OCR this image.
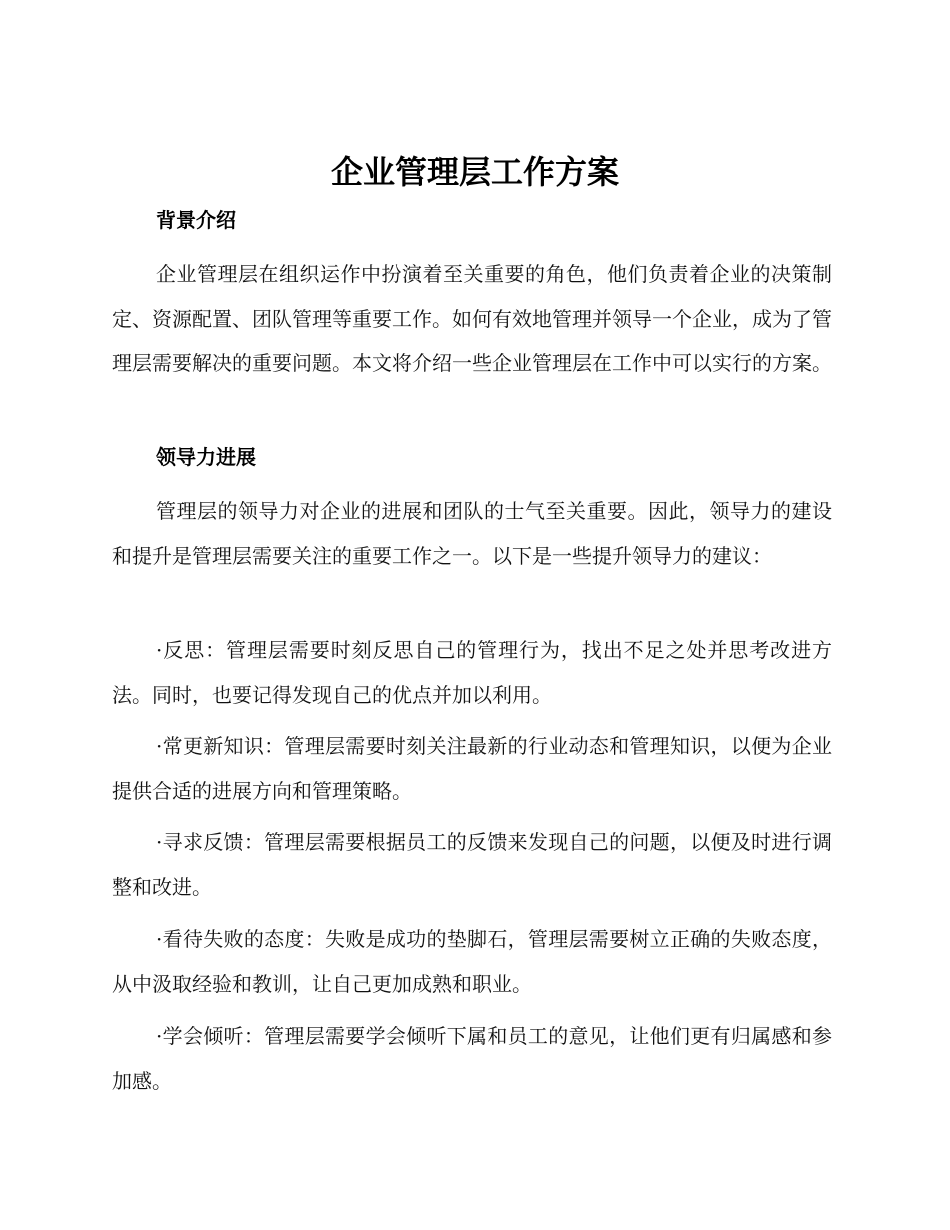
企业管理层工作方案
背景介绍
企业管理层在组织运作中扮演着至关重要的角色，他们负责着企业的决策制定、资源配置、团队管理等重要工作。如何有效地管理并领导一个企业，成为了管理层需要解决的重要问题。本文将介绍一些企业管理层在工作中可以实行的方案。
领导力进展
管理层的领导力对企业的进展和团队的士气至关重要。因此，领导力的建设和提升是管理层需要关注的重要工作之一。以下是一些提升领导力的建议：
·反思：管理层需要时刻反思自己的管理行为，找出不足之处并思考改进方法。同时，也要记得发现自己的优点并加以利用。
·常更新知识：管理层需要时刻关注最新的行业动态和管理知识，以便为企业提供合适的进展方向和管理策略。
·寻求反馈：管理层需要根据员工的反馈来发现自己的问题，以便及时进行调整和改进。
·看待失败的态度：失败是成功的垫脚石，管理层需要树立正确的失败态度，从中汲取经验和教训，让自己更加成熟和职业。
·学会倾听：管理层需要学会倾听下属和员工的意见，让他们更有归属感和参加感。
